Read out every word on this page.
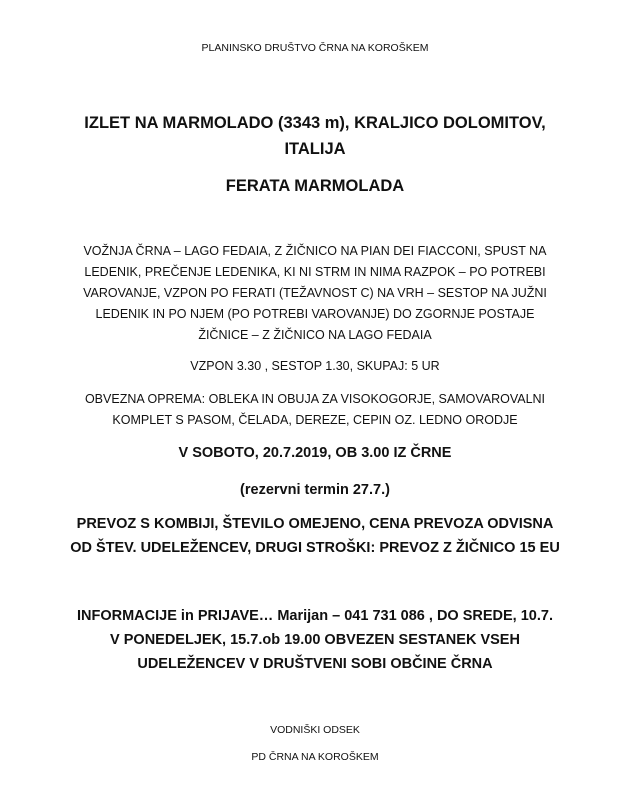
PLANINSKO DRUŠTVO ČRNA NA KOROŠKEM

IZLET NA MARMOLADO (3343 m), KRALJICO DOLOMITOV,
ITALIJA

FERATA MARMOLADA

VOŽNJA ČRNA – LAGO FEDAIA, Z ŽIČNICO NA PIAN DEI FIACCONI, SPUST NA
LEDENIK, PREČENJE LEDENIKA, KI NI STRM IN NIMA RAZPOK – PO POTREBI
VAROVANJE, VZPON PO FERATI (TEŽAVNOST C) NA VRH – SESTOP NA JUŽNI
LEDENIK IN PO NJEM (PO POTREBI VAROVANJE) DO ZGORNJE POSTAJE
ŽIČNICE – Z ŽIČNICO NA LAGO FEDAIA

VZPON 3.30 , SESTOP 1.30, SKUPAJ: 5 UR

OBVEZNA OPREMA: OBLEKA IN OBUJA ZA VISOKOGORJE, SAMOVAROVALNI
KOMPLET S PASOM, ČELADA, DEREZE, CEPIN OZ. LEDNO ORODJE

V SOBOTO, 20.7.2019, OB 3.00 IZ ČRNE

(rezervni termin 27.7.)

PREVOZ S KOMBIJI, ŠTEVILO OMEJENO, CENA PREVOZA ODVISNA
OD ŠTEV. UDELEŽENCEV, DRUGI STROŠKI: PREVOZ Z ŽIČNICO 15 EU
INFORMACIJE in PRIJAVE… Marijan – 041 731 086 , DO SREDE, 10.7.
V PONEDELJEK, 15.7.ob 19.00 OBVEZEN SESTANEK VSEH
UDELEŽENCEV V DRUŠTVENI SOBI OBČINE ČRNA

VODNIŠKI ODSEK

PD ČRNA NA KOROŠKEM
